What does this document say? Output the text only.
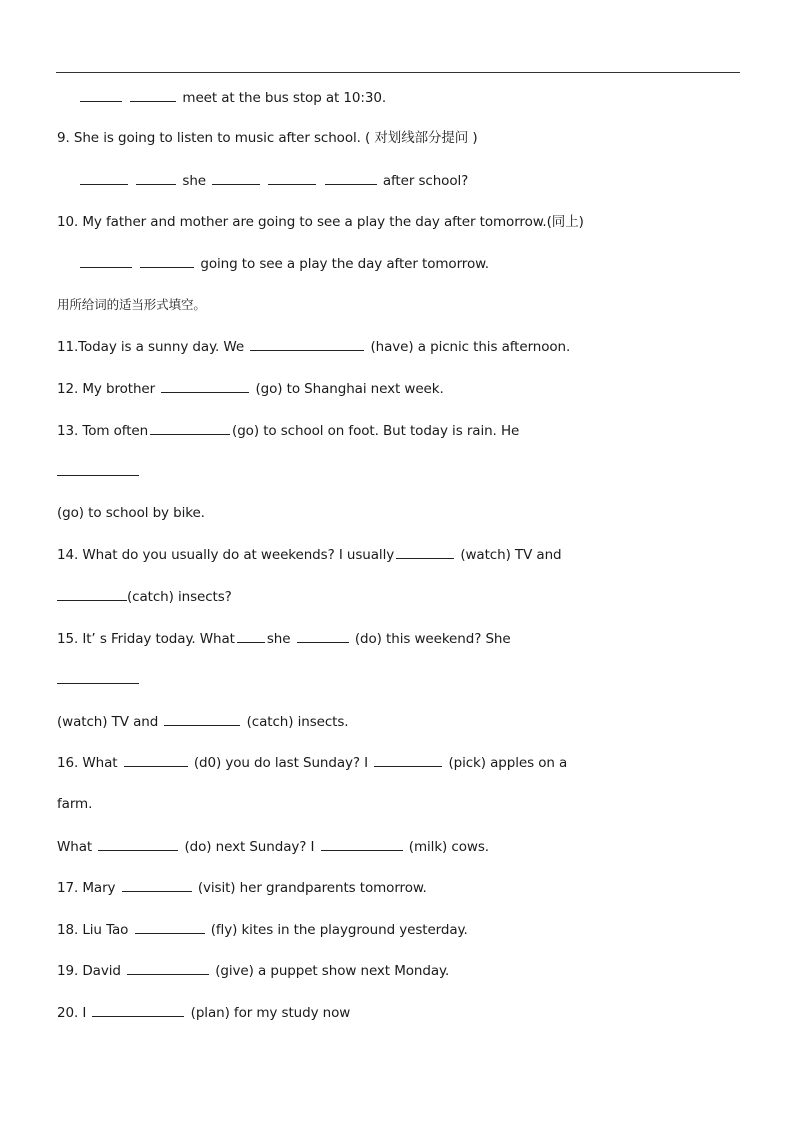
meet at the bus stop at 10:30.
9. She is going to listen to music after school. ( 对划线部分提问 )
she	after school?
10. My father and mother are going to see a play the day after tomorrow.(同上)
going to see a play the day after tomorrow.
用所给词的适当形式填空。
11.Today is a sunny day. We	(have) a picnic this afternoon.
12. My brother	(go) to Shanghai next week.
13. Tom often	(go) to school on foot. But today is rain. He
(go) to school by bike.
14. What do you usually do at weekends? I usually	(watch) TV and
(catch) insects?
15. It’ s Friday today. What she	(do) this weekend? She
(watch) TV and	(catch) insects.
16. What	(d0) you do last Sunday? I	(pick) apples on a
farm.
What	(do) next Sunday? I	(milk) cows.
17. Mary	(visit) her grandparents tomorrow.
18. Liu Tao	(fly) kites in the playground yesterday.
19. David	(give) a puppet show next Monday.
20. I	(plan) for my study now
